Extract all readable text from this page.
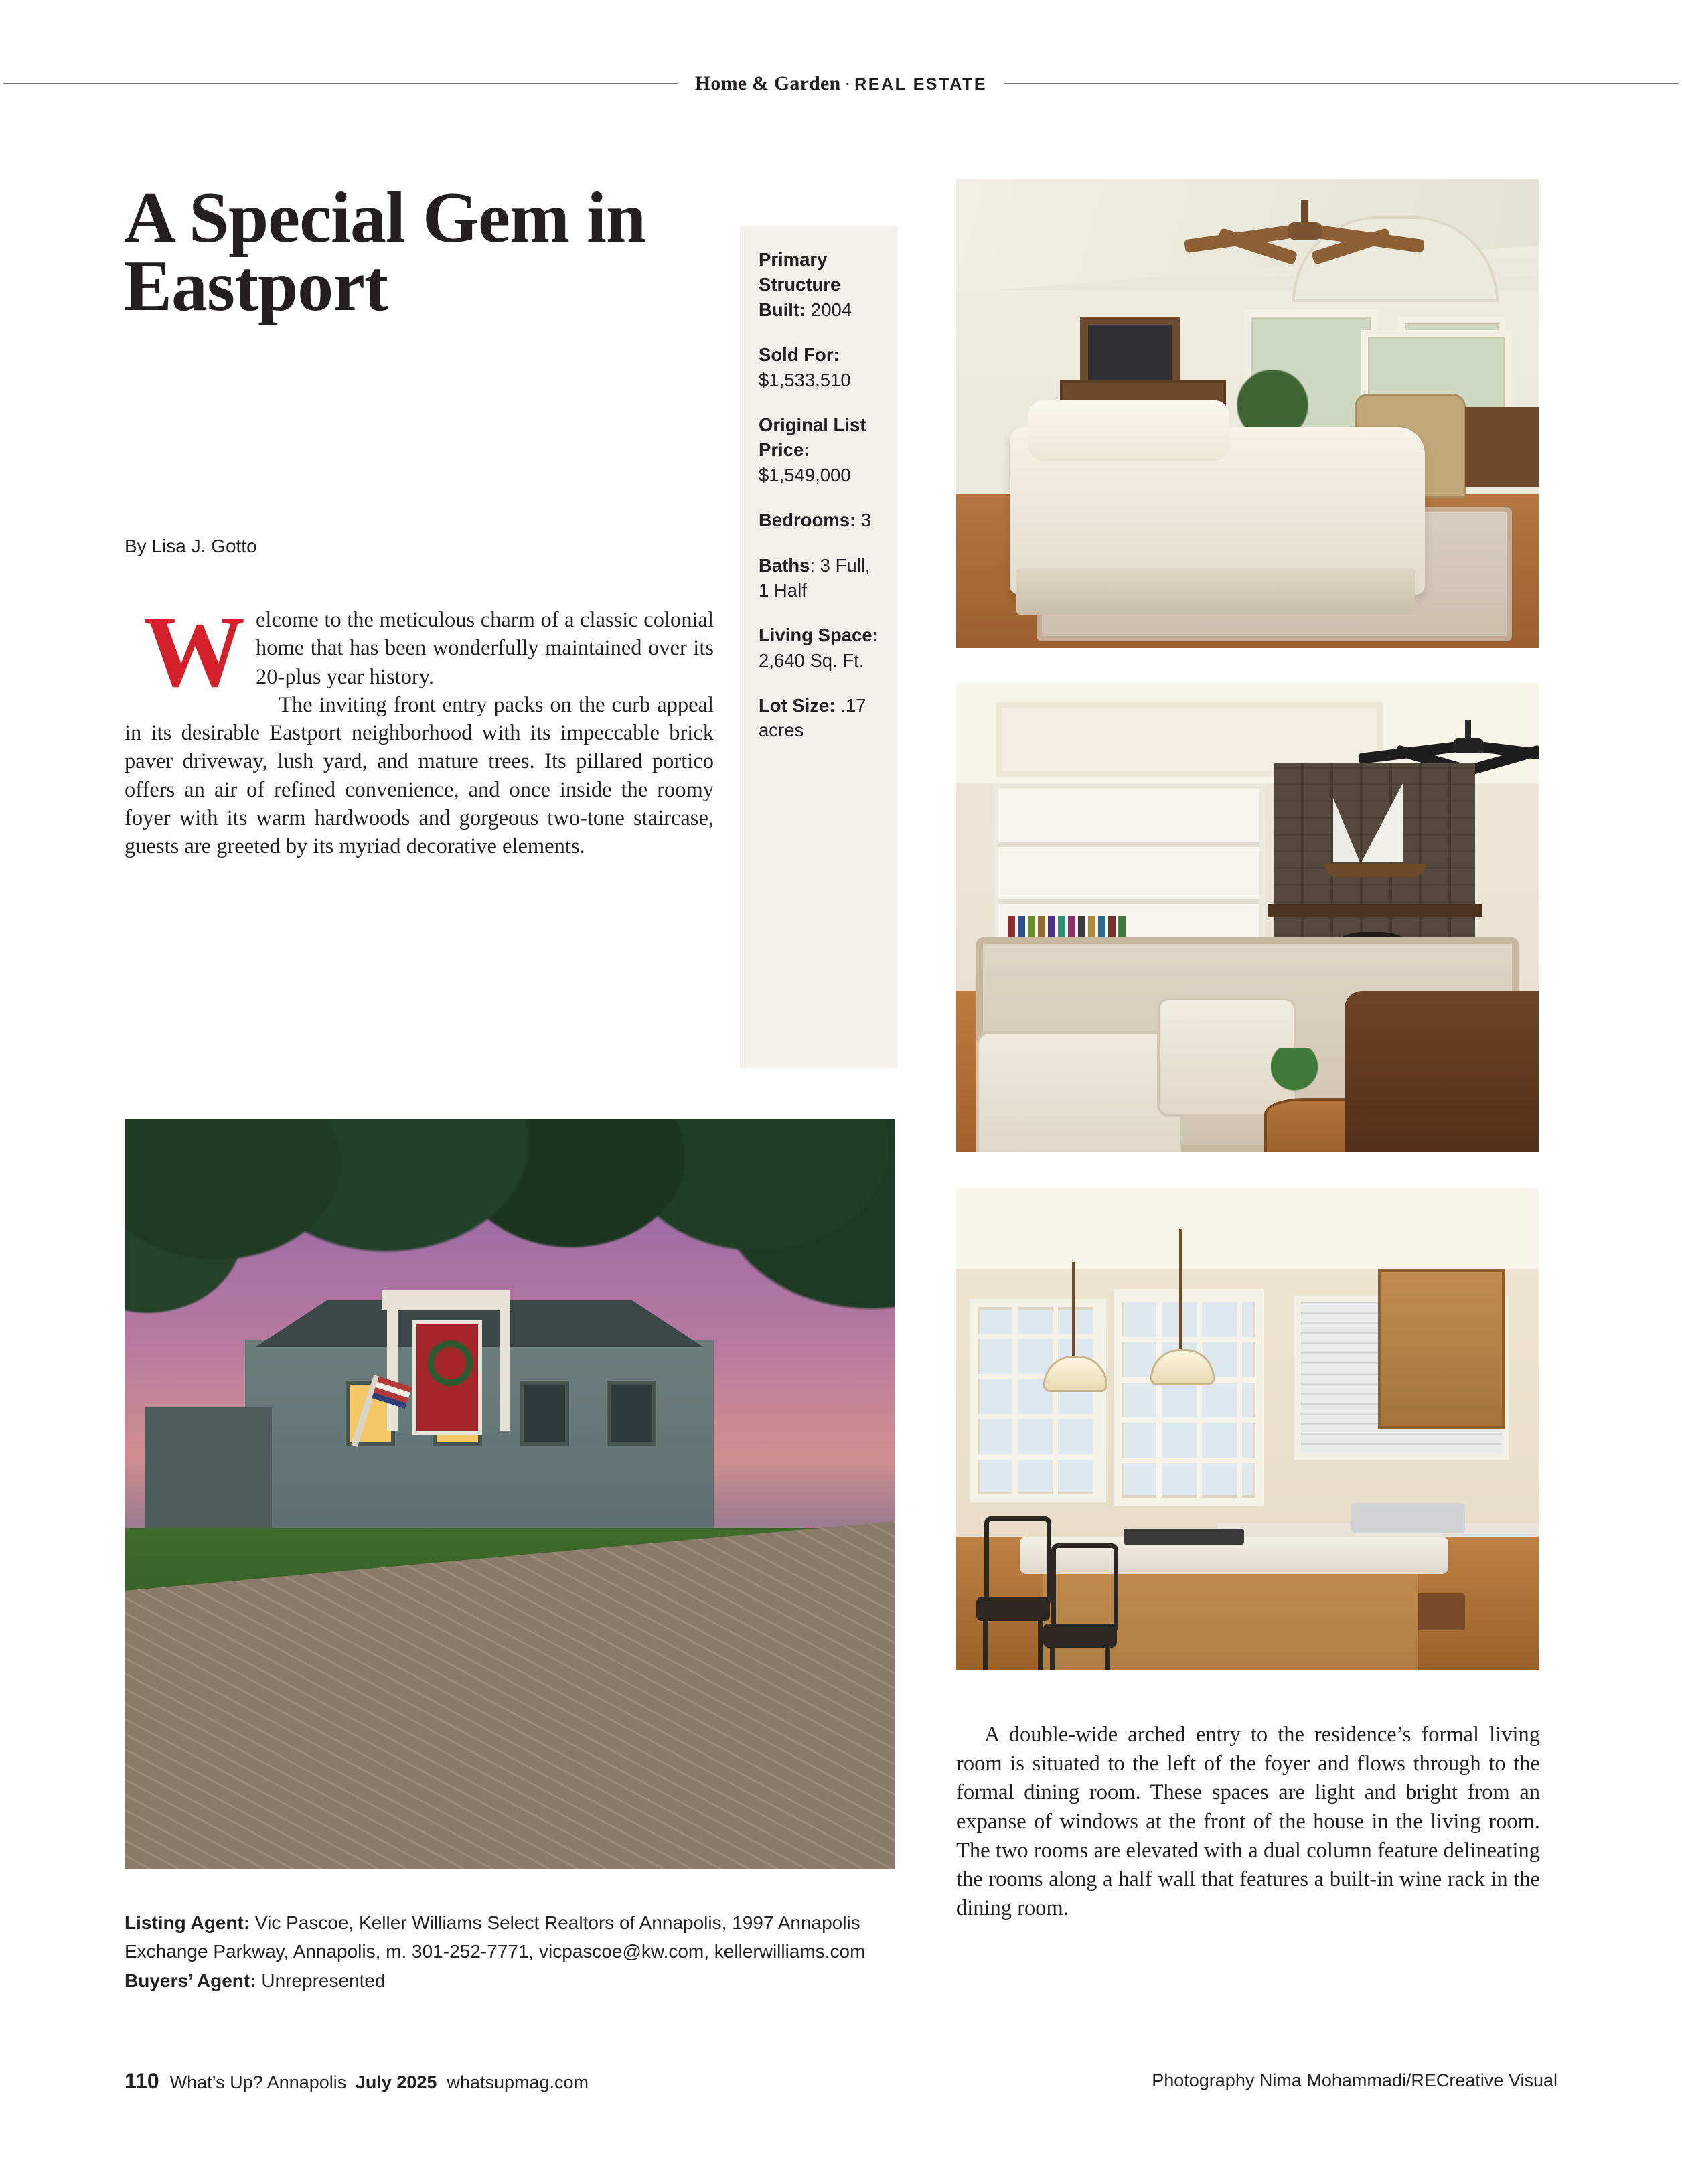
Home & Garden · REAL ESTATE
A Special Gem in Eastport
By Lisa J. Gotto
W elcome to the meticulous charm of a classic colonial home that has been wonderfully maintained over its 20-plus year history.

The inviting front entry packs on the curb appeal in its desirable Eastport neighborhood with its impeccable brick paver driveway, lush yard, and mature trees. Its pillared portico offers an air of refined convenience, and once inside the roomy foyer with its warm hardwoods and gorgeous two-tone staircase, guests are greeted by its myriad decorative elements.

Primary Structure Built: 2004
Sold For: $1,533,510
Original List Price: $1,549,000
Bedrooms: 3
Baths: 3 Full, 1 Half
Living Space: 2,640 Sq. Ft.
Lot Size: .17 acres
Listing Agent: Vic Pascoe, Keller Williams Select Realtors of Annapolis, 1997 Annapolis Exchange Parkway, Annapolis, m. 301-252-7771, vicpascoe@kw.com, kellerwilliams.com Buyers’ Agent: Unrepresented

A double-wide arched entry to the residence’s formal living room is situated to the left of the foyer and flows through to the formal dining room. These spaces are light and bright from an expanse of windows at the front of the house in the living room. The two rooms are elevated with a dual column feature delineating the rooms along a half wall that features a built-in wine rack in the dining room.

110 What’s Up? Annapolis July 2025 whatsupmag.com	Photography Nima Mohammadi/RECreative Visual
